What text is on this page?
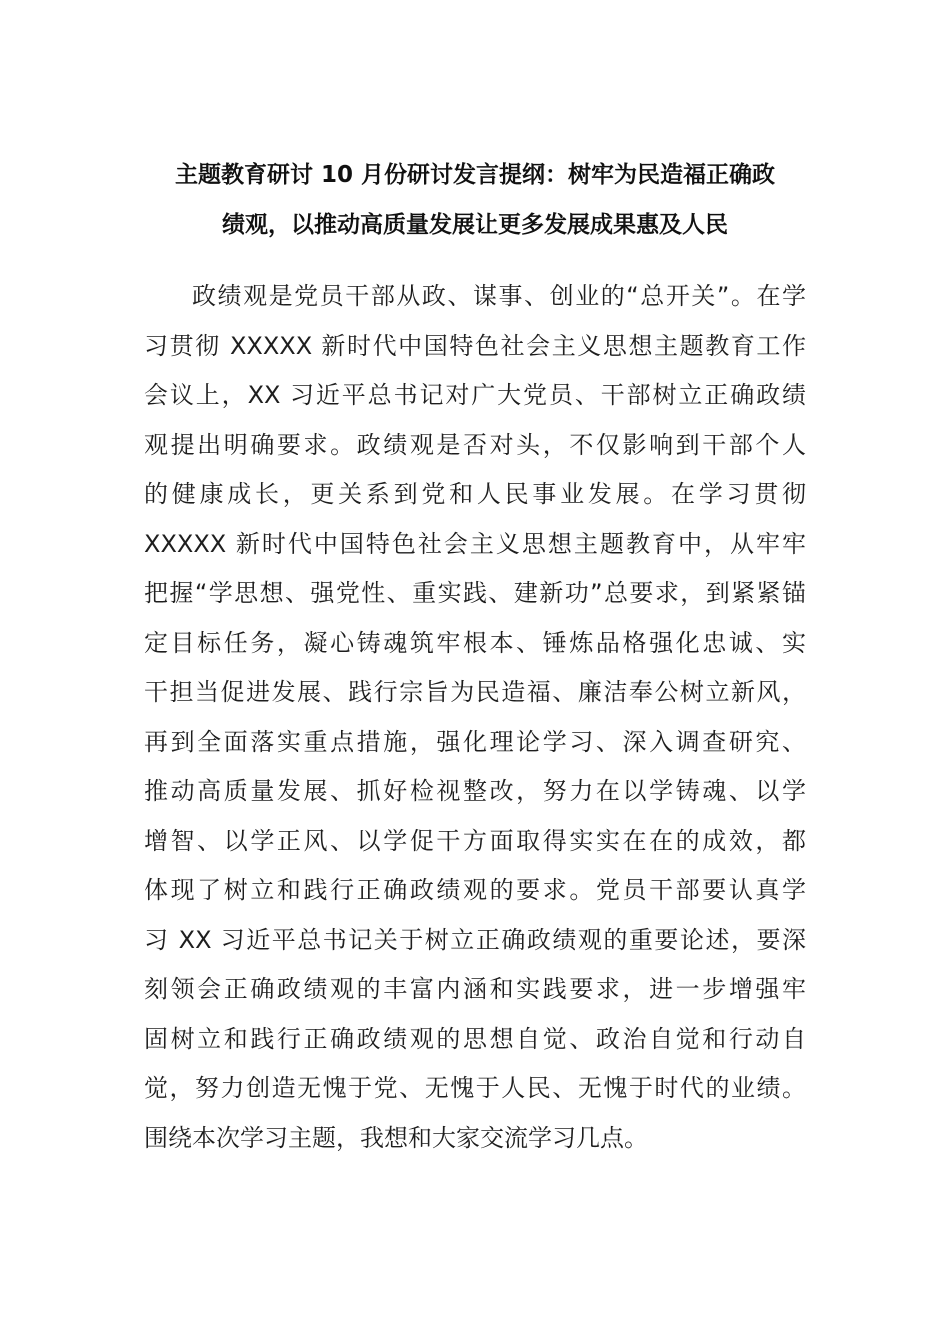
主题教育研讨 10 月份研讨发言提纲：树牢为民造福正确政
绩观，以推动高质量发展让更多发展成果惠及人民

政绩观是党员干部从政、谋事、创业的“总开关”。在学
习贯彻 XXXXX 新时代中国特色社会主义思想主题教育工作
会议上，XX 习近平总书记对广大党员、干部树立正确政绩
观提出明确要求。政绩观是否对头，不仅影响到干部个人
的健康成长，更关系到党和人民事业发展。在学习贯彻
XXXXX 新时代中国特色社会主义思想主题教育中，从牢牢
把握“学思想、强党性、重实践、建新功”总要求，到紧紧锚
定目标任务，凝心铸魂筑牢根本、锤炼品格强化忠诚、实
干担当促进发展、践行宗旨为民造福、廉洁奉公树立新风，
再到全面落实重点措施，强化理论学习、深入调查研究、
推动高质量发展、抓好检视整改，努力在以学铸魂、以学
增智、以学正风、以学促干方面取得实实在在的成效，都
体现了树立和践行正确政绩观的要求。党员干部要认真学
习 XX 习近平总书记关于树立正确政绩观的重要论述，要深
刻领会正确政绩观的丰富内涵和实践要求，进一步增强牢
固树立和践行正确政绩观的思想自觉、政治自觉和行动自
觉，努力创造无愧于党、无愧于人民、无愧于时代的业绩。
围绕本次学习主题，我想和大家交流学习几点。
